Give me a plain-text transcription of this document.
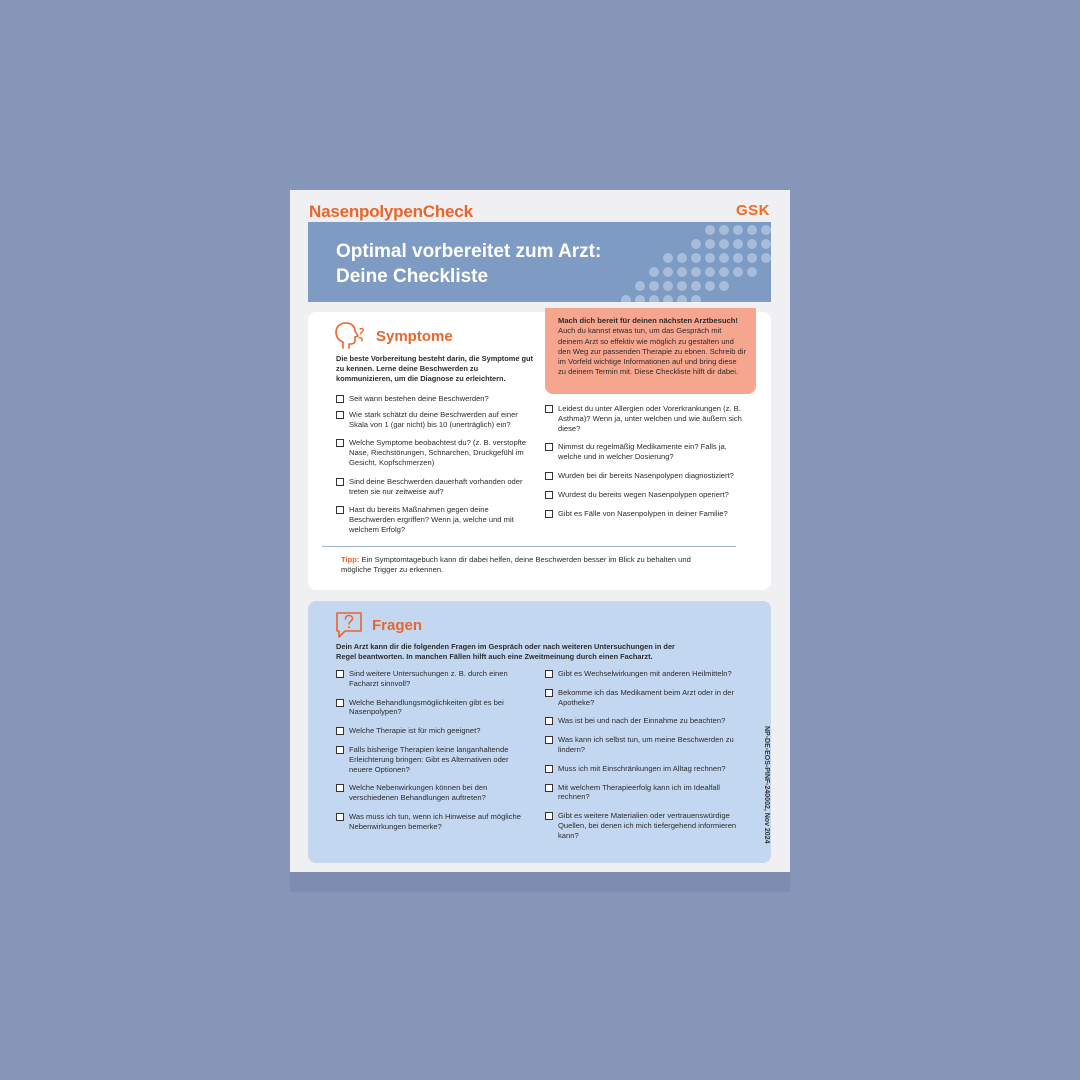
NasenpolypenCheck	GSK
Optimal vorbereitet zum Arzt:
Deine Checkliste
Mach dich bereit für deinen nächsten Arztbesuch! Auch du kannst etwas tun, um das Gespräch mit deinem Arzt so effektiv wie möglich zu gestalten und den Weg zur passenden Therapie zu ebnen. Schreib dir im Vorfeld wichtige Informationen auf und bring diese zu deinem Termin mit. Diese Checkliste hilft dir dabei.
Symptome
Die beste Vorbereitung besteht darin, die Symptome gut zu kennen. Lerne deine Beschwerden zu kommunizieren, um die Diagnose zu erleichtern.
Seit wann bestehen deine Beschwerden?
Wie stark schätzt du deine Beschwerden auf einer Skala von 1 (gar nicht) bis 10 (unerträglich) ein?
Welche Symptome beobachtest du? (z. B. verstopfte Nase, Riechstörungen, Schnarchen, Druckgefühl im Gesicht, Kopfschmerzen)
Sind deine Beschwerden dauerhaft vorhanden oder treten sie nur zeitweise auf?
Hast du bereits Maßnahmen gegen deine Beschwerden ergriffen? Wenn ja, welche und mit welchem Erfolg?
Leidest du unter Allergien oder Vorerkrankungen (z. B. Asthma)? Wenn ja, unter welchen und wie äußern sich diese?
Nimmst du regelmäßig Medikamente ein? Falls ja, welche und in welcher Dosierung?
Wurden bei dir bereits Nasenpolypen diagnostiziert?
Wurdest du bereits wegen Nasenpolypen operiert?
Gibt es Fälle von Nasenpolypen in deiner Familie?
Tipp: Ein Symptomtagebuch kann dir dabei helfen, deine Beschwerden besser im Blick zu behalten und mögliche Trigger zu erkennen.
Fragen
Dein Arzt kann dir die folgenden Fragen im Gespräch oder nach weiteren Untersuchungen in der Regel beantworten. In manchen Fällen hilft auch eine Zweitmeinung durch einen Facharzt.
Sind weitere Untersuchungen z. B. durch einen Facharzt sinnvoll?
Welche Behandlungsmöglichkeiten gibt es bei Nasenpolypen?
Welche Therapie ist für mich geeignet?
Falls bisherige Therapien keine langanhaltende Erleichterung bringen: Gibt es Alternativen oder neuere Optionen?
Welche Nebenwirkungen können bei den verschiedenen Behandlungen auftreten?
Was muss ich tun, wenn ich Hinweise auf mögliche Nebenwirkungen bemerke?
Gibt es Wechselwirkungen mit anderen Heilmitteln?
Bekomme ich das Medikament beim Arzt oder in der Apotheke?
Was ist bei und nach der Einnahme zu beachten?
Was kann ich selbst tun, um meine Beschwerden zu lindern?
Muss ich mit Einschränkungen im Alltag rechnen?
Mit welchem Therapieerfolg kann ich im Idealfall rechnen?
Gibt es weitere Materialien oder vertrauenswürdige Quellen, bei denen ich mich tiefergehend informieren kann?	NP-DE-EOS-PINF-240002, Nov 2024
